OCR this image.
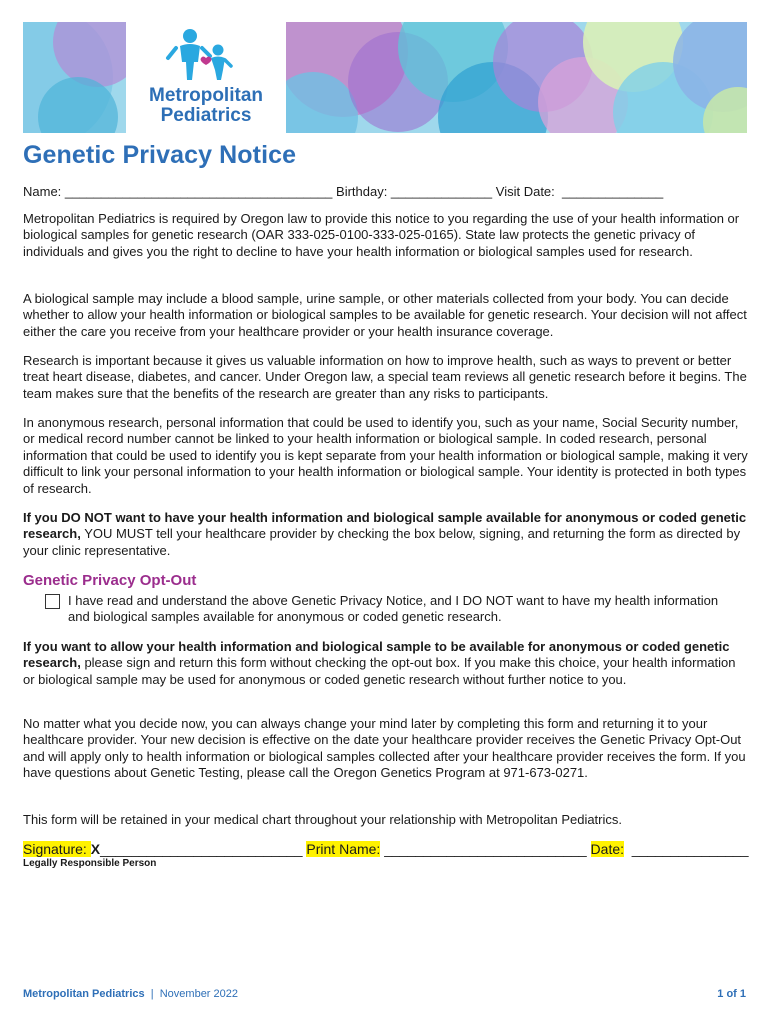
Metropolitan
Pediatrics
Genetic Privacy Notice
Name: _____________________________________ Birthday: ______________ Visit Date:  ______________

Metropolitan Pediatrics is required by Oregon law to provide this notice to you regarding the use of your health information or biological samples for genetic research (OAR 333-025-0100-333-025-0165). State law protects the genetic privacy of individuals and gives you the right to decline to have your health information or biological samples used for research.

A biological sample may include a blood sample, urine sample, or other materials collected from your body. You can decide whether to allow your health information or biological samples to be available for genetic research. Your decision will not affect either the care you receive from your healthcare provider or your health insurance coverage.

Research is important because it gives us valuable information on how to improve health, such as ways to prevent or better treat heart disease, diabetes, and cancer. Under Oregon law, a special team reviews all genetic research before it begins. The team makes sure that the benefits of the research are greater than any risks to participants.

In anonymous research, personal information that could be used to identify you, such as your name, Social Security number, or medical record number cannot be linked to your health information or biological sample. In coded research, personal information that could be used to identify you is kept separate from your health information or biological sample, making it very difficult to link your personal information to your health information or biological sample. Your identity is protected in both types of research.

If you DO NOT want to have your health information and biological sample available for anonymous or coded genetic research, YOU MUST tell your healthcare provider by checking the box below, signing, and returning the form as directed by your clinic representative.

Genetic Privacy Opt-Out

I have read and understand the above Genetic Privacy Notice, and I DO NOT want to have my health information and biological samples available for anonymous or coded genetic research.

If you want to allow your health information and biological sample to be available for anonymous or coded genetic research, please sign and return this form without checking the opt-out box. If you make this choice, your health information or biological sample may be used for anonymous or coded genetic research without further notice to you.

No matter what you decide now, you can always change your mind later by completing this form and returning it to your healthcare provider. Your new decision is effective on the date your healthcare provider receives the Genetic Privacy Opt-Out and will apply only to health information or biological samples collected after your healthcare provider receives the form. If you have questions about Genetic Testing, please call the Oregon Genetics Program at 971-673-0271.

This form will be retained in your medical chart throughout your relationship with Metropolitan Pediatrics.

Signature: X__________________________ Print Name: __________________________ Date:  _______________
Legally Responsible Person
Metropolitan Pediatrics  |  November 2022	1 of 1
